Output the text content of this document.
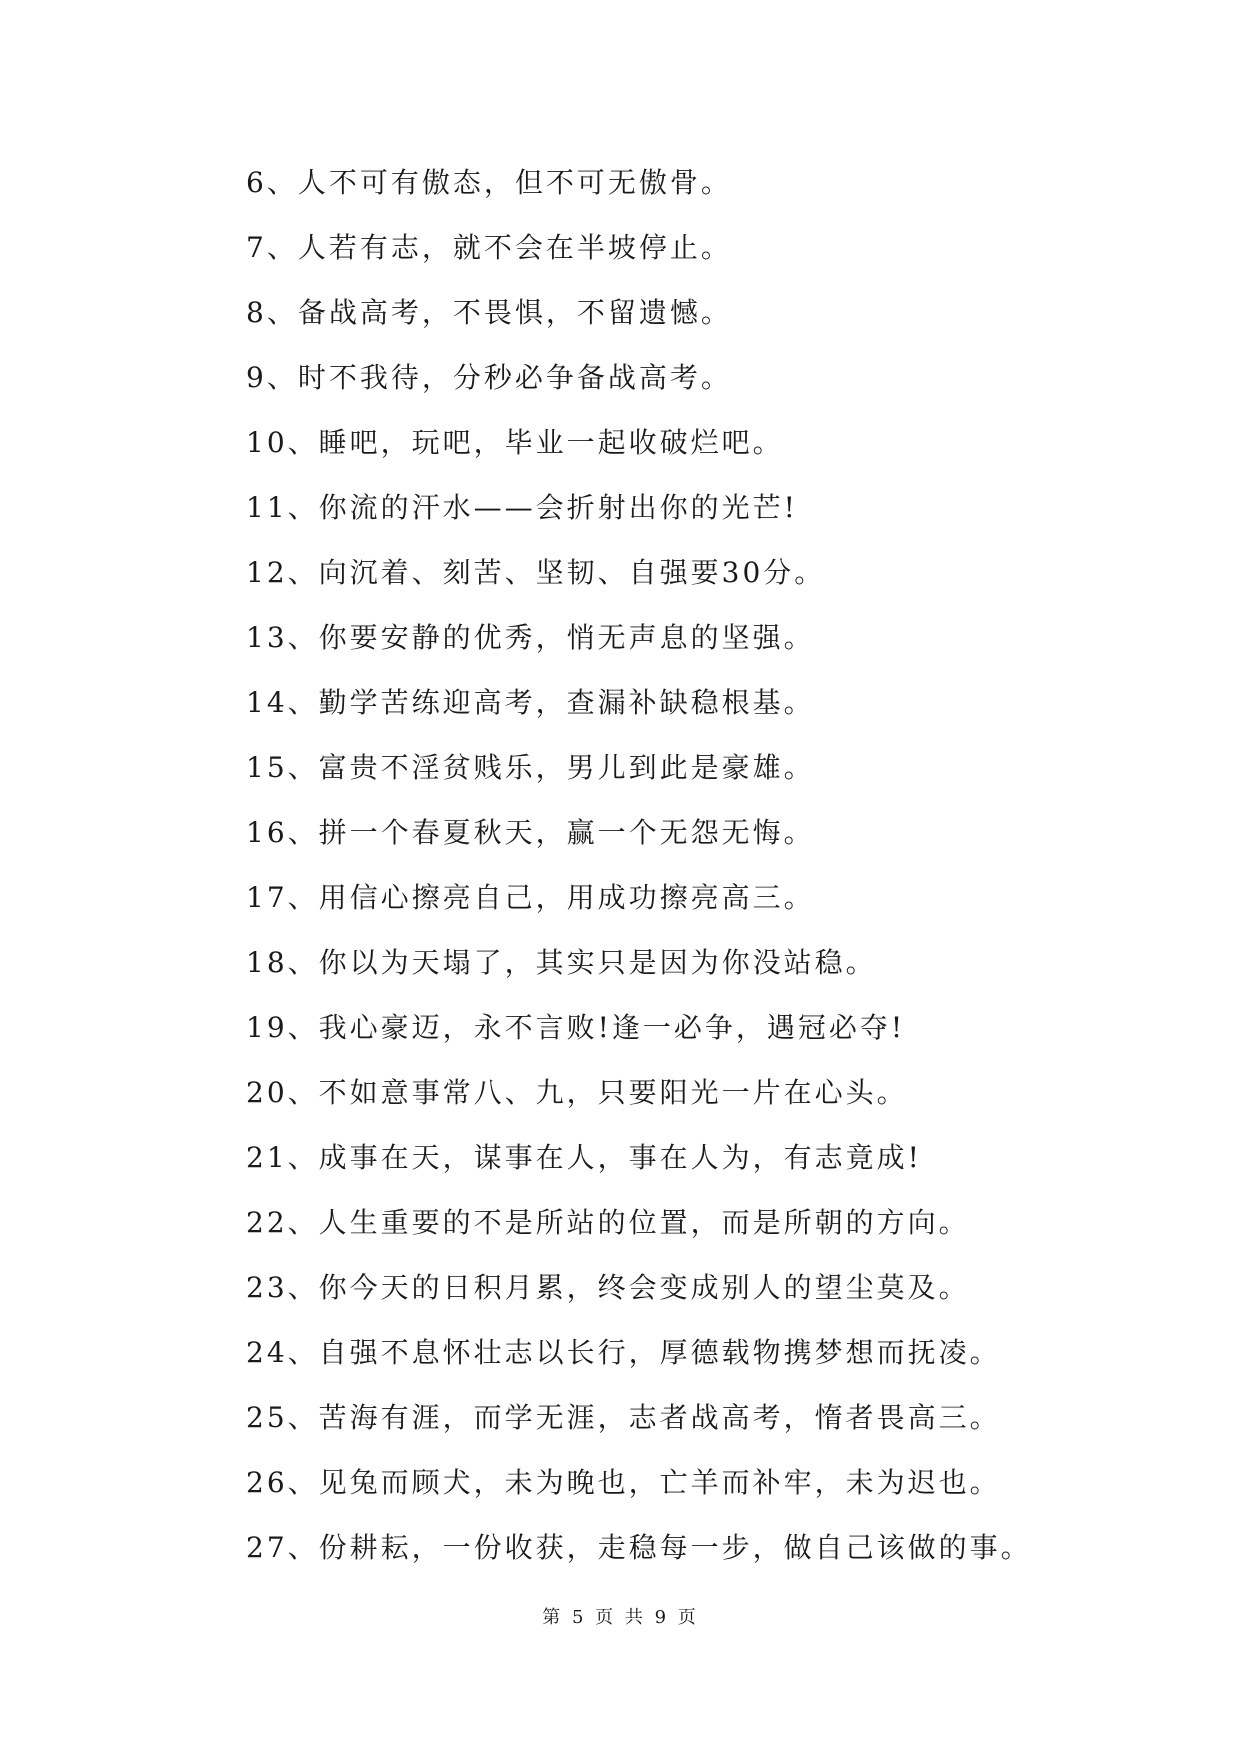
6、人不可有傲态，但不可无傲骨。
7、人若有志，就不会在半坡停止。
8、备战高考，不畏惧，不留遗憾。
9、时不我待，分秒必争备战高考。
10、睡吧，玩吧，毕业一起收破烂吧。
11、你流的汗水——会折射出你的光芒!
12、向沉着、刻苦、坚韧、自强要30分。
13、你要安静的优秀，悄无声息的坚强。
14、勤学苦练迎高考，查漏补缺稳根基。
15、富贵不淫贫贱乐，男儿到此是豪雄。
16、拼一个春夏秋天，赢一个无怨无悔。
17、用信心擦亮自己，用成功擦亮高三。
18、你以为天塌了，其实只是因为你没站稳。
19、我心豪迈，永不言败!逢一必争，遇冠必夺!
20、不如意事常八、九，只要阳光一片在心头。
21、成事在天，谋事在人，事在人为，有志竟成!
22、人生重要的不是所站的位置，而是所朝的方向。
23、你今天的日积月累，终会变成别人的望尘莫及。
24、自强不息怀壮志以长行，厚德载物携梦想而抚凌。
25、苦海有涯，而学无涯，志者战高考，惰者畏高三。
26、见兔而顾犬，未为晚也，亡羊而补牢，未为迟也。
27、份耕耘，一份收获，走稳每一步，做自己该做的事。
第 5 页 共 9 页
